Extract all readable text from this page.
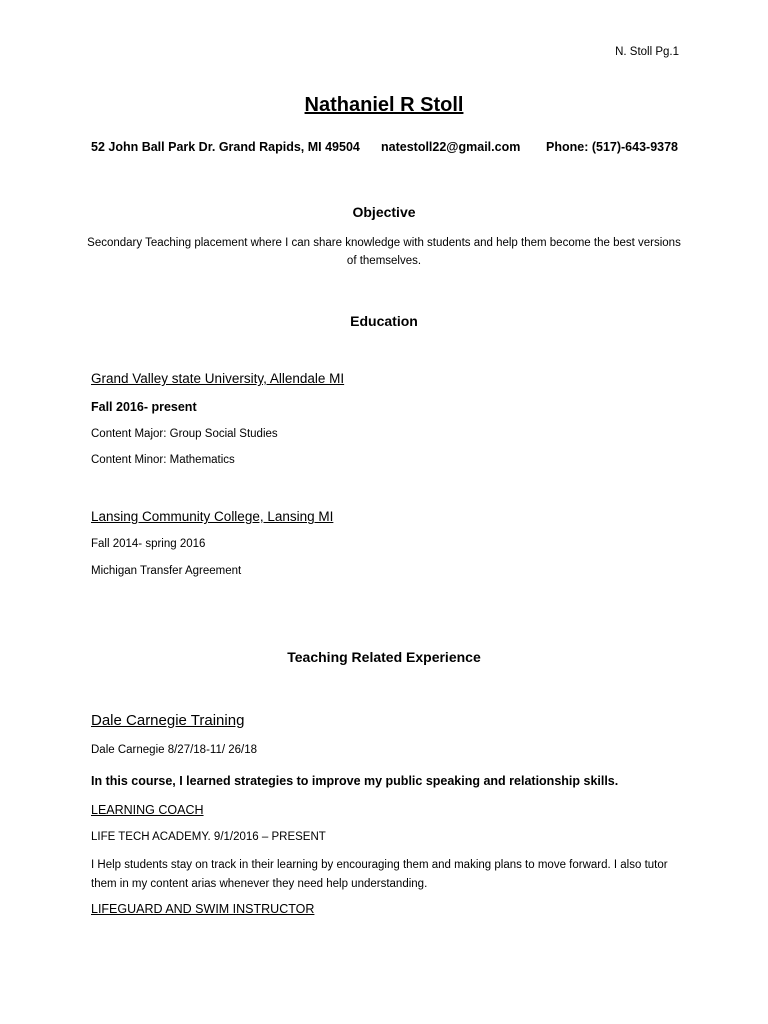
N. Stoll Pg.1
Nathaniel R Stoll
52 John Ball Park Dr. Grand Rapids, MI 49504 natestoll22@gmail.com Phone: (517)-643-9378
Objective
Secondary Teaching placement where I can share knowledge with students and help them become the best versions of themselves.
Education
Grand Valley state University, Allendale MI
Fall 2016- present
Content Major: Group Social Studies
Content Minor: Mathematics
Lansing Community College, Lansing MI
Fall 2014- spring 2016
Michigan Transfer Agreement
Teaching Related Experience
Dale Carnegie Training
Dale Carnegie 8/27/18-11/ 26/18
In this course, I learned strategies to improve my public speaking and relationship skills.
LEARNING COACH
LIFE TECH ACADEMY. 9/1/2016 – PRESENT
I Help students stay on track in their learning by encouraging them and making plans to move forward. I also tutor them in my content arias whenever they need help understanding.
LIFEGUARD AND SWIM INSTRUCTOR
